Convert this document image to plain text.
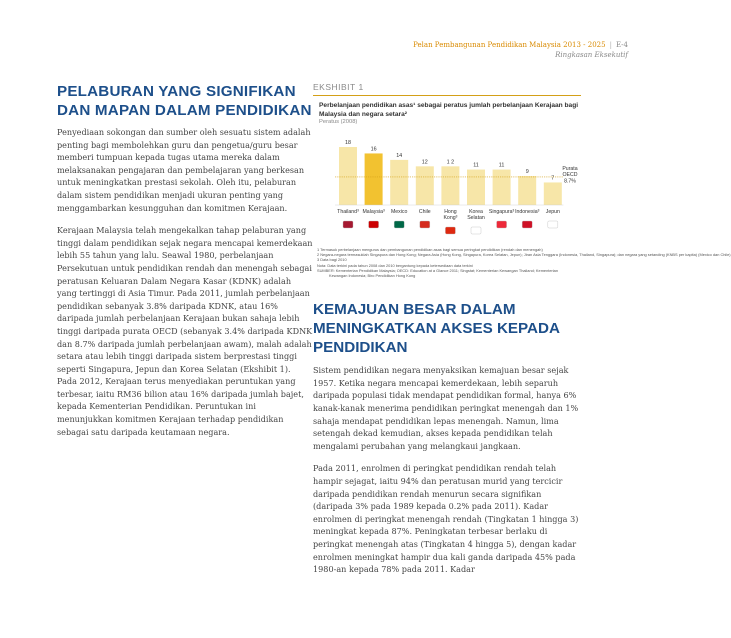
Pelan Pembangunan Pendidikan Malaysia 2013 - 2025 | E-4
Ringkasan Eksekutif
PELABURAN YANG SIGNIFIKAN DAN MAPAN DALAM PENDIDIKAN

Penyediaan sokongan dan sumber oleh sesuatu sistem adalah penting bagi membolehkan guru dan pengetua/guru besar memberi tumpuan kepada tugas utama mereka dalam melaksanakan pengajaran dan pembelajaran yang berkesan untuk meningkatkan prestasi sekolah. Oleh itu, pelaburan dalam sistem pendidikan menjadi ukuran penting yang menggambarkan kesungguhan dan komitmen Kerajaan.

Kerajaan Malaysia telah mengekalkan tahap pelaburan yang tinggi dalam pendidikan sejak negara mencapai kemerdekaan lebih 55 tahun yang lalu. Seawal 1980, perbelanjaan Persekutuan untuk pendidikan rendah dan menengah sebagai peratusan Keluaran Dalam Negara Kasar (KDNK) adalah yang tertinggi di Asia Timur. Pada 2011, jumlah perbelanjaan pendidikan sebanyak 3.8% daripada KDNK, atau 16% daripada jumlah perbelanjaan Kerajaan bukan sahaja lebih tinggi daripada purata OECD (sebanyak 3.4% daripada KDNK dan 8.7% daripada jumlah perbelanjaan awam), malah adalah setara atau lebih tinggi daripada sistem berprestasi tinggi seperti Singapura, Jepun dan Korea Selatan (Ekshibit 1). Pada 2012, Kerajaan terus menyediakan peruntukan yang terbesar, iaitu RM36 bilion atau 16% daripada jumlah bajet, kepada Kementerian Pendidikan. Peruntukan ini menunjukkan komitmen Kerajaan terhadap pendidikan sebagai satu daripada keutamaan negara.

EKSHIBIT 1
Perbelanjaan pendidikan asas¹ sebagai peratus jumlah perbelanjaan Kerajaan bagi Malaysia dan negara setara²
Peratus (2008)
18
Thailand³
16
Malaysia³
14
Mexico
12
Chile
1 2
Hong
Kong³
11
Korea
Selatan
11
Singapura³
9
Indonesia³
7
Jepun
Purata
OECD
8.7%
1 Termasuk perbelanjaan mengurus dan pembangunan pendidikan asas bagi semua peringkat pendidikan (rendah dan menengah)
2 Negara-negara termasuklah Singapura dan Hong Kong; Negara Asia (Hong Kong, Singapura, Korea Selatan, Jepun); Jiran Asia Tenggara (Indonesia, Thailand, Singapura); dan negara yang setanding (KNBS per kapita) (Mexico dan Chile)
3 Data bagi 2010
Nota: Data terkini pada tahun 2008 dan 2010 bergantung kepada ketersediaan data terkini
SUMBER: Kementerian Pendidikan Malaysia; OECD: Education at a Glance 2011; Singstat; Kementerian Kewangan Thailand; Kementerian
Kewangan Indonesia; Biro Pendidikan Hong Kong
KEMAJUAN BESAR DALAM MENINGKATKAN AKSES KEPADA PENDIDIKAN

Sistem pendidikan negara menyaksikan kemajuan besar sejak 1957. Ketika negara mencapai kemerdekaan, lebih separuh daripada populasi tidak mendapat pendidikan formal, hanya 6% kanak-kanak menerima pendidikan peringkat menengah dan 1% sahaja mendapat pendidikan lepas menengah. Namun, lima setengah dekad kemudian, akses kepada pendidikan telah mengalami perubahan yang melangkaui jangkaan.

Pada 2011, enrolmen di peringkat pendidikan rendah telah hampir sejagat, iaitu 94% dan peratusan murid yang tercicir daripada pendidikan rendah menurun secara signifikan (daripada 3% pada 1989 kepada 0.2% pada 2011). Kadar enrolmen di peringkat menengah rendah (Tingkatan 1 hingga 3) meningkat kepada 87%. Peningkatan terbesar berlaku di peringkat menengah atas (Tingkatan 4 hingga 5), dengan kadar enrolmen meningkat hampir dua kali ganda daripada 45% pada 1980-an kepada 78% pada 2011. Kadar
